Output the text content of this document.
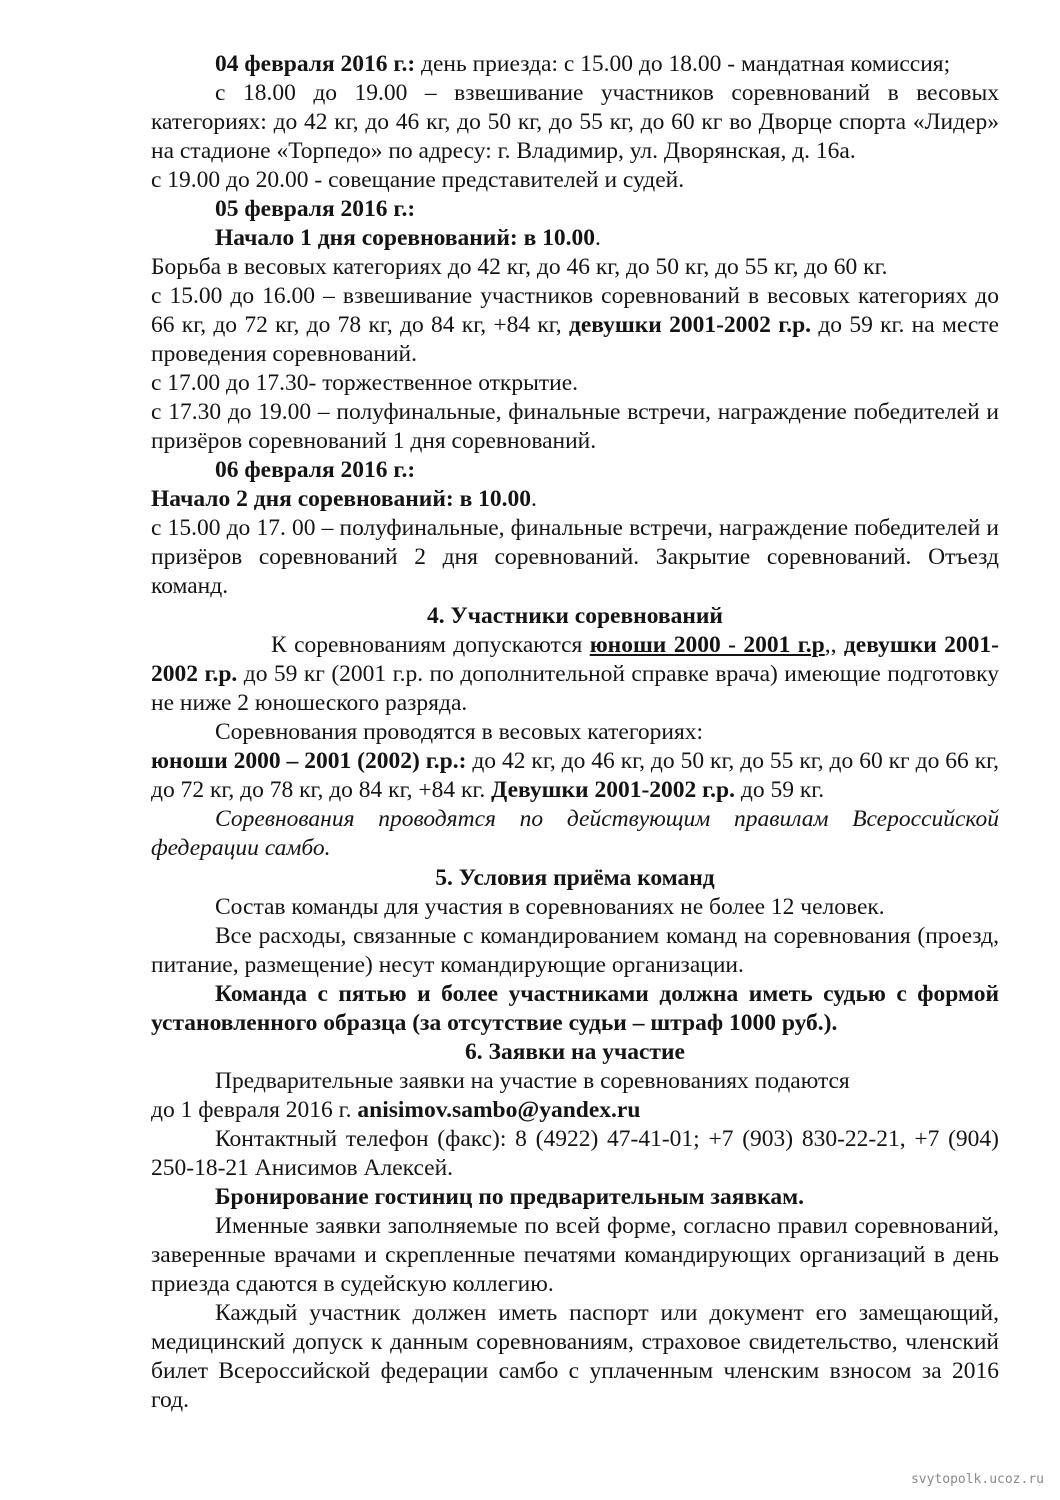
04 февраля 2016 г.: день приезда: с 15.00 до 18.00 - мандатная комиссия;

с 18.00 до 19.00 – взвешивание участников соревнований в весовых категориях: до 42 кг, до 46 кг, до 50 кг, до 55 кг, до 60 кг во Дворце спорта «Лидер» на стадионе «Торпедо» по адресу: г. Владимир, ул. Дворянская, д. 16а.

с 19.00 до 20.00 - совещание представителей и судей.

05 февраля 2016 г.:

Начало 1 дня соревнований: в 10.00.

Борьба в весовых категориях до 42 кг, до 46 кг, до 50 кг, до 55 кг, до 60 кг.

с 15.00 до 16.00 – взвешивание участников соревнований в весовых категориях до 66 кг, до 72 кг, до 78 кг, до 84 кг, +84 кг, девушки 2001-2002 г.р. до 59 кг. на месте проведения соревнований.

с 17.00 до 17.30- торжественное открытие.

с 17.30 до 19.00 – полуфинальные, финальные встречи, награждение победителей и призёров соревнований 1 дня соревнований.

06 февраля 2016 г.:

Начало 2 дня соревнований: в 10.00.

с 15.00 до 17. 00 – полуфинальные, финальные встречи, награждение победителей и призёров соревнований 2 дня соревнований. Закрытие соревнований. Отъезд команд.

4. Участники соревнований

К соревнованиям допускаются юноши 2000 - 2001 г.р,, девушки 2001-2002 г.р. до 59 кг (2001 г.р. по дополнительной справке врача) имеющие подготовку не ниже 2 юношеского разряда.

Соревнования проводятся в весовых категориях:

юноши 2000 – 2001 (2002) г.р.: до 42 кг, до 46 кг, до 50 кг, до 55 кг, до 60 кг до 66 кг, до 72 кг, до 78 кг, до 84 кг, +84 кг. Девушки 2001-2002 г.р. до 59 кг.

Соревнования проводятся по действующим правилам Всероссийской федерации самбо.

5. Условия приёма команд

Состав команды для участия в соревнованиях не более 12 человек.

Все расходы, связанные с командированием команд на соревнования (проезд, питание, размещение) несут командирующие организации.

Команда с пятью и более участниками должна иметь судью с формой установленного образца (за отсутствие судьи – штраф 1000 руб.).

6. Заявки на участие

Предварительные заявки на участие в соревнованиях подаются

до 1 февраля 2016 г. anisimov.sambo@yandex.ru

Контактный телефон (факс): 8 (4922) 47-41-01; +7 (903) 830-22-21, +7 (904) 250-18-21 Анисимов Алексей.

Бронирование гостиниц по предварительным заявкам.

Именные заявки заполняемые по всей форме, согласно правил соревнований, заверенные врачами и скрепленные печатями командирующих организаций в день приезда сдаются в судейскую коллегию.

Каждый участник должен иметь паспорт или документ его замещающий, медицинский допуск к данным соревнованиям, страховое свидетельство, членский билет Всероссийской федерации самбо с уплаченным членским взносом за 2016 год.

svytopolk.ucoz.ru
